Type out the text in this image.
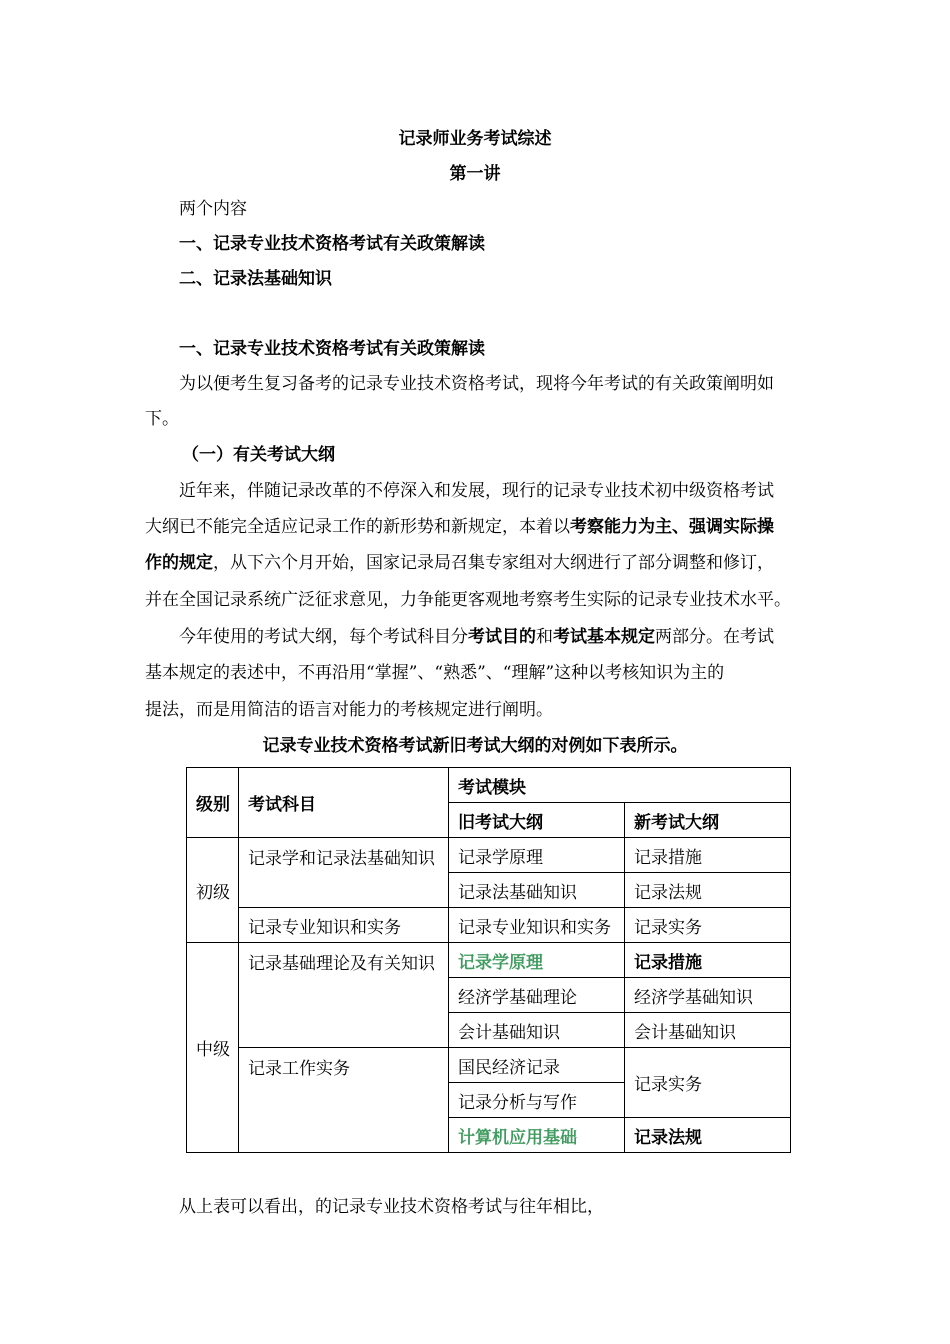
记录师业务考试综述
第一讲
两个内容
一、记录专业技术资格考试有关政策解读
二、记录法基础知识
一、记录专业技术资格考试有关政策解读
为以便考生复习备考的记录专业技术资格考试，现将今年考试的有关政策阐明如
下。
（一）有关考试大纲
近年来，伴随记录改革的不停深入和发展，现行的记录专业技术初中级资格考试
大纲已不能完全适应记录工作的新形势和新规定，本着以考察能力为主、强调实际操
作的规定，从下六个月开始，国家记录局召集专家组对大纲进行了部分调整和修订，
并在全国记录系统广泛征求意见，力争能更客观地考察考生实际的记录专业技术水平。
今年使用的考试大纲，每个考试科目分考试目的和考试基本规定两部分。在考试
基本规定的表述中，不再沿用“掌握”、“熟悉”、“理解”这种以考核知识为主的
提法，而是用简洁的语言对能力的考核规定进行阐明。
记录专业技术资格考试新旧考试大纲的对例如下表所示。
级别	考试科目	考试模块	
		旧考试大纲	新考试大纲
初级	记录学和记录法基础知识	记录学原理	记录措施
		记录法基础知识	记录法规
	记录专业知识和实务	记录专业知识和实务	记录实务
中级	记录基础理论及有关知识	记录学原理	记录措施
		经济学基础理论	经济学基础知识
		会计基础知识	会计基础知识
	记录工作实务	国民经济记录	记录实务
		记录分析与写作	
		计算机应用基础	记录法规
从上表可以看出，的记录专业技术资格考试与往年相比，
